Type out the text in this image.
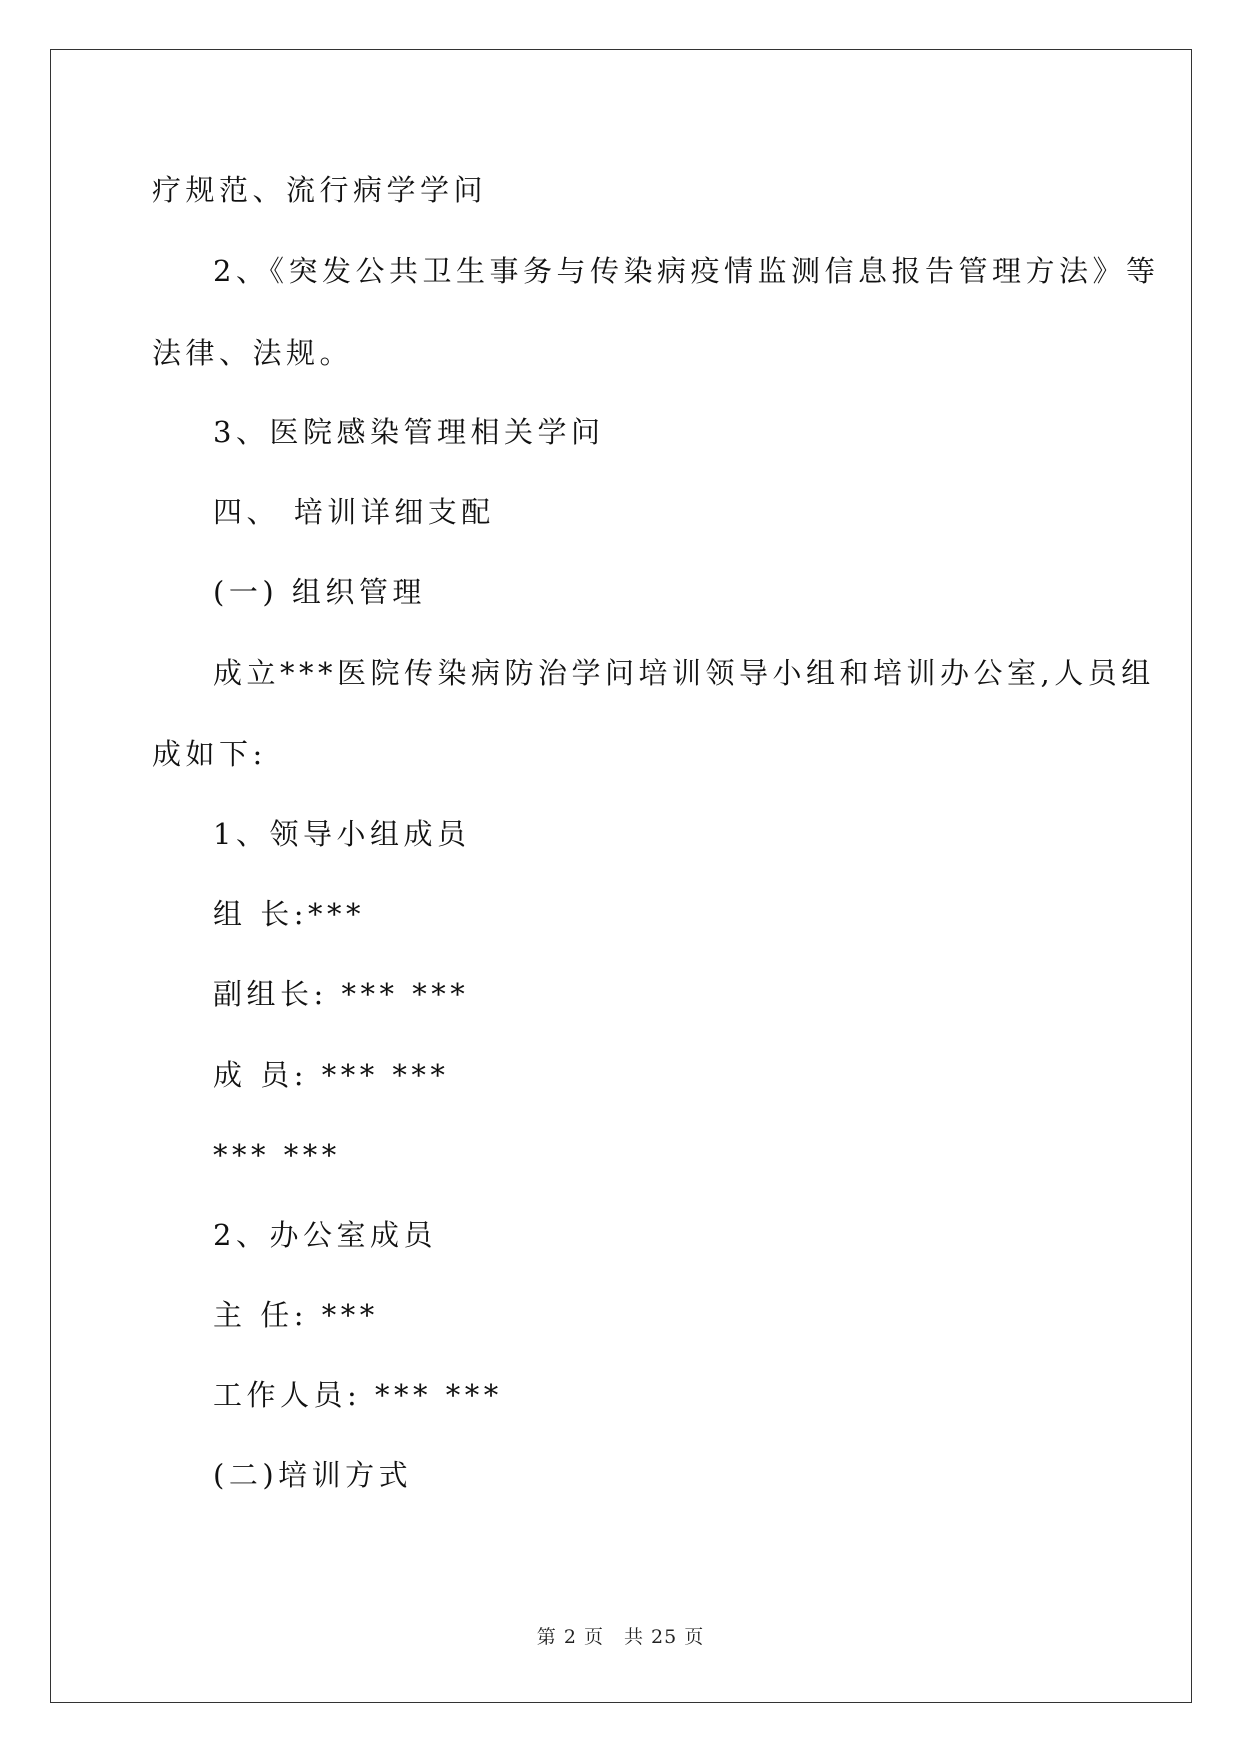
疗规范、流行病学学问
2、《突发公共卫生事务与传染病疫情监测信息报告管理方法》等
法律、法规。
3、医院感染管理相关学问
四、 培训详细支配
(一) 组织管理
成立***医院传染病防治学问培训领导小组和培训办公室,人员组
成如下:
1、领导小组成员
组 长:***
副组长: *** ***
成 员: *** ***
*** ***
2、办公室成员
主 任: ***
工作人员: *** ***
(二)培训方式
第 2 页　共 25 页
